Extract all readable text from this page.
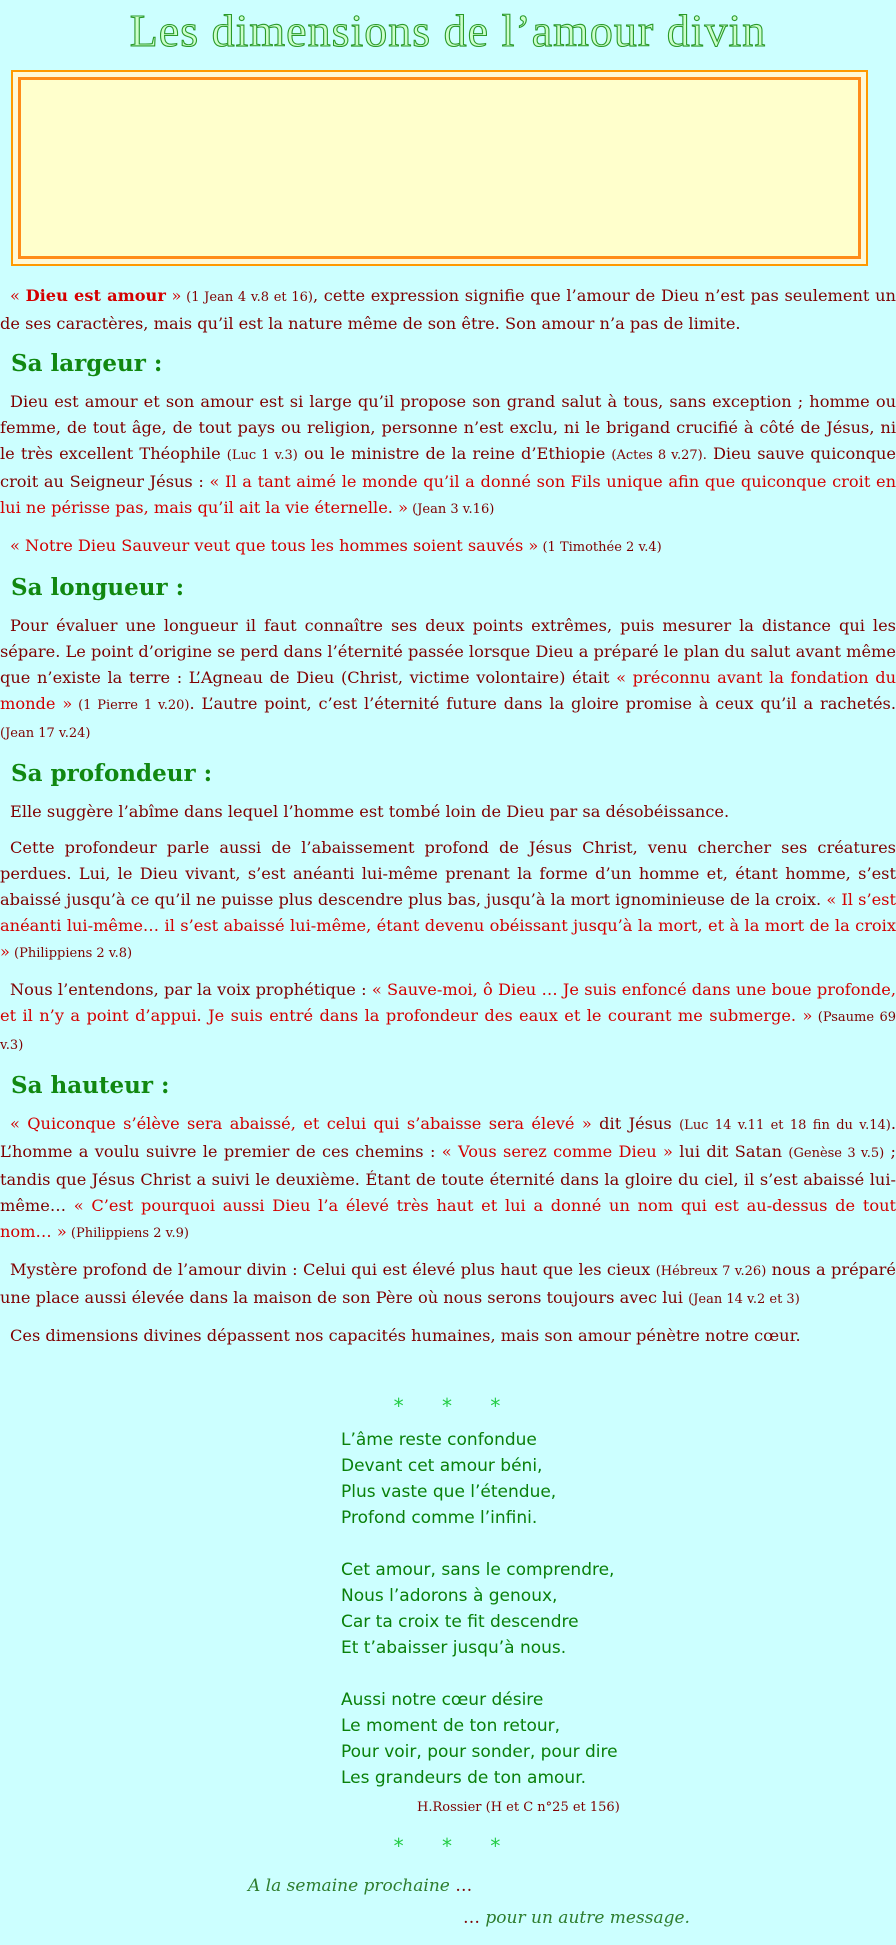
Les dimensions de l’amour divin

« Dieu est amour » (1 Jean 4 v.8 et 16), cette expression signifie que l’amour de Dieu n’est pas seulement un de ses caractères, mais qu’il est la nature même de son être. Son amour n’a pas de limite.

Sa largeur :

Dieu est amour et son amour est si large qu’il propose son grand salut à tous, sans exception ; homme ou femme, de tout âge, de tout pays ou religion, personne n’est exclu, ni le brigand crucifié à côté de Jésus, ni le très excellent Théophile (Luc 1 v.3) ou le ministre de la reine d’Ethiopie (Actes 8 v.27). Dieu sauve quiconque croit au Seigneur Jésus : « Il a tant aimé le monde qu’il a donné son Fils unique afin que quiconque croit en lui ne périsse pas, mais qu’il ait la vie éternelle. » (Jean 3 v.16)

« Notre Dieu Sauveur veut que tous les hommes soient sauvés » (1 Timothée 2 v.4)

Sa longueur :

Pour évaluer une longueur il faut connaître ses deux points extrêmes, puis mesurer la distance qui les sépare. Le point d’origine se perd dans l’éternité passée lorsque Dieu a préparé le plan du salut avant même que n’existe la terre : L’Agneau de Dieu (Christ, victime volontaire) était « préconnu avant la fondation du monde » (1 Pierre 1 v.20). L’autre point, c’est l’éternité future dans la gloire promise à ceux qu’il a rachetés. (Jean 17 v.24)

Sa profondeur :

Elle suggère l’abîme dans lequel l’homme est tombé loin de Dieu par sa désobéissance.

Cette profondeur parle aussi de l’abaissement profond de Jésus Christ, venu chercher ses créatures perdues. Lui, le Dieu vivant, s’est anéanti lui-même prenant la forme d’un homme et, étant homme, s’est abaissé jusqu’à ce qu’il ne puisse plus descendre plus bas, jusqu’à la mort ignominieuse de la croix. « Il s’est anéanti lui-même… il s’est abaissé lui-même, étant devenu obéissant jusqu’à la mort, et à la mort de la croix » (Philippiens 2 v.8)

Nous l’entendons, par la voix prophétique : « Sauve-moi, ô Dieu … Je suis enfoncé dans une boue profonde, et il n’y a point d’appui. Je suis entré dans la profondeur des eaux et le courant me submerge. » (Psaume 69 v.3)

Sa hauteur :

« Quiconque s’élève sera abaissé, et celui qui s’abaisse sera élevé » dit Jésus (Luc 14 v.11 et 18 fin du v.14). L’homme a voulu suivre le premier de ces chemins : « Vous serez comme Dieu » lui dit Satan (Genèse 3 v.5) ; tandis que Jésus Christ a suivi le deuxième. Étant de toute éternité dans la gloire du ciel, il s’est abaissé lui-même… « C’est pourquoi aussi Dieu l’a élevé très haut et lui a donné un nom qui est au-dessus de tout nom… » (Philippiens 2 v.9)

Mystère profond de l’amour divin : Celui qui est élevé plus haut que les cieux (Hébreux 7 v.26) nous a préparé une place aussi élevée dans la maison de son Père où nous serons toujours avec lui (Jean 14 v.2 et 3)

Ces dimensions divines dépassent nos capacités humaines, mais son amour pénètre notre cœur.

* * *
L’âme reste confondue
Devant cet amour béni,
Plus vaste que l’étendue,
Profond comme l’infini.
Cet amour, sans le comprendre,
Nous l’adorons à genoux,
Car ta croix te fit descendre
Et t’abaisser jusqu’à nous.
Aussi notre cœur désire
Le moment de ton retour,
Pour voir, pour sonder, pour dire
Les grandeurs de ton amour.
H.Rossier (H et C n°25 et 156)
* * *
A la semaine prochaine …
… pour un autre message.
